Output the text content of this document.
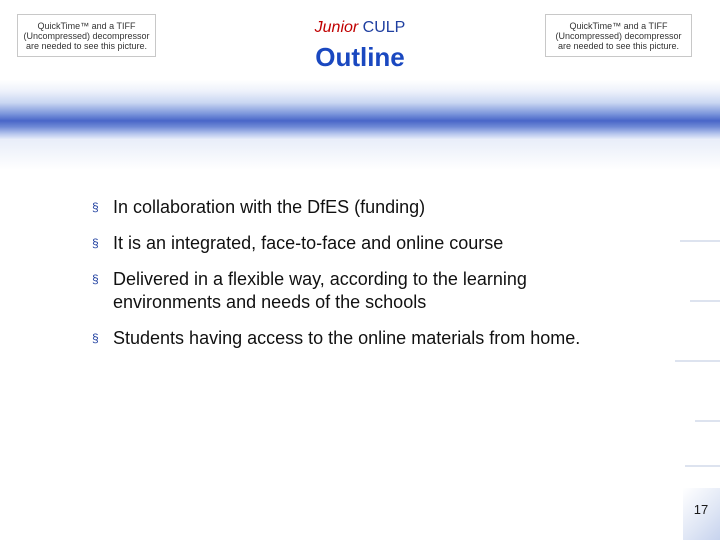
QuickTime™ and a TIFF (Uncompressed) decompressor are needed to see this picture.
Junior CULP
Outline
QuickTime™ and a TIFF (Uncompressed) decompressor are needed to see this picture.
§ In collaboration with the DfES (funding)
§ It is an integrated, face-to-face and online course
§ Delivered in a flexible way, according to the learning environments and needs of the schools
§ Students having access to the online materials from home.
17
